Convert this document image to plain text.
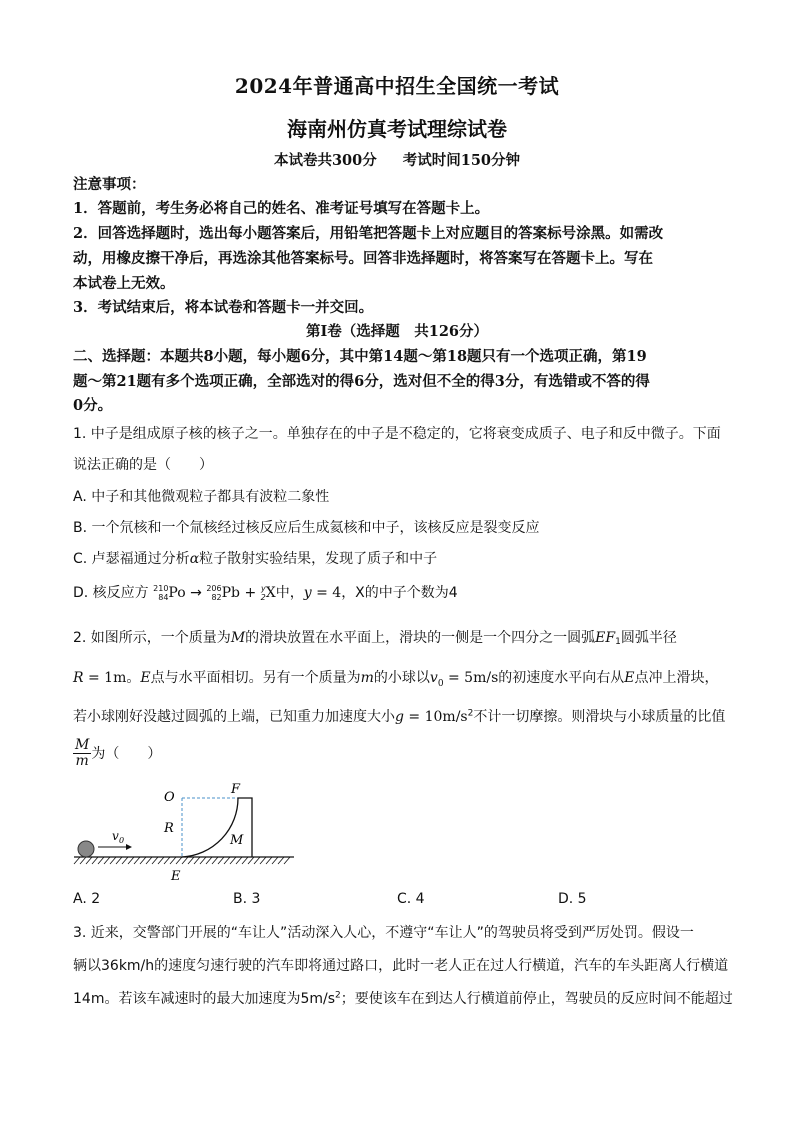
2024年普通高中招生全国统一考试
海南州仿真考试理综试卷
本试卷共300分 考试时间150分钟
注意事项：
1．答题前，考生务必将自己的姓名、准考证号填写在答题卡上。
2．回答选择题时，选出每小题答案后，用铅笔把答题卡上对应题目的答案标号涂黑。如需改
动，用橡皮擦干净后，再选涂其他答案标号。回答非选择题时，将答案写在答题卡上。写在
本试卷上无效。
3．考试结束后，将本试卷和答题卡一并交回。
第Ⅰ卷（选择题　共126分）
二、选择题：本题共8小题，每小题6分，其中第14题～第18题只有一个选项正确，第19
题～第21题有多个选项正确，全部选对的得6分，选对但不全的得3分，有选错或不答的得
0分。
1. 中子是组成原子核的核子之一。单独存在的中子是不稳定的，它将衰变成质子、电子和反中微子。下面
说法正确的是（　　）
A. 中子和其他微观粒子都具有波粒二象性
B. 一个氘核和一个氚核经过核反应后生成氦核和中子，该核反应是裂变反应
C. 卢瑟福通过分析α粒子散射实验结果，发现了质子和中子
D. 核反应方 210
84 Po → 206
82 Pb + y
2 X中，y = 4，X的中子个数为4
2. 如图所示，一个质量为M的滑块放置在水平面上，滑块的一侧是一个四分之一圆弧EF1圆弧半径
R = 1m。E点与水平面相切。另有一个质量为m的小球以$v_0 = 5m/s$的初速度水平向右从E点冲上滑块，
若小球刚好没越过圆弧的上端，已知重力加速度大小$g = 10m/s^2$不计一切摩擦。则滑块与小球质量的比值
$\frac{M}{m}$ 为（　　）
v 0
O
F
R
M
E
A. 2	B. 3	C. 4	D. 5
3. 近来，交警部门开展的“车让人”活动深入人心，不遵守“车让人”的驾驶员将受到严厉处罚。假设一
辆以36km/h的速度匀速行驶的汽车即将通过路口，此时一老人正在过人行横道，汽车的车头距离人行横道
14m。若该车减速时的最大加速度为$5m/s^2$；要使该车在到达人行横道前停止，驾驶员的反应时间不能超过
